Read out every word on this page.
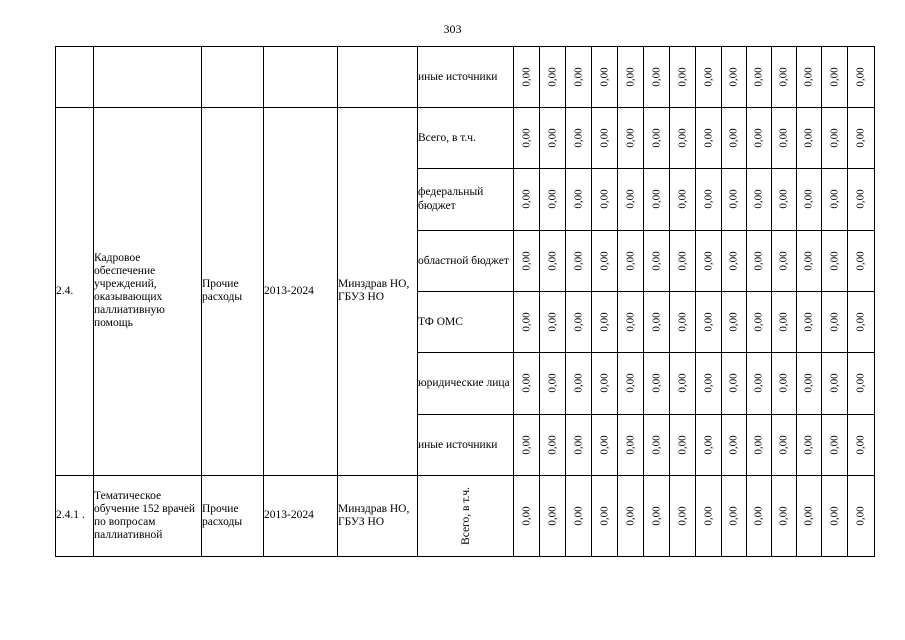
303
					иные источники	0,00	0,00	0,00	0,00	0,00	0,00	0,00	0,00	0,00	0,00	0,00	0,00	0,00	0,00
2.4.	Кадровое обеспечение учреждений, оказывающих паллиативную помощь	Прочие расходы	2013-2024	Минздрав НО, ГБУЗ НО	Всего, в т.ч.	0,00	0,00	0,00	0,00	0,00	0,00	0,00	0,00	0,00	0,00	0,00	0,00	0,00	0,00
					федеральный бюджет	0,00	0,00	0,00	0,00	0,00	0,00	0,00	0,00	0,00	0,00	0,00	0,00	0,00	0,00
					областной бюджет	0,00	0,00	0,00	0,00	0,00	0,00	0,00	0,00	0,00	0,00	0,00	0,00	0,00	0,00
					ТФ ОМС	0,00	0,00	0,00	0,00	0,00	0,00	0,00	0,00	0,00	0,00	0,00	0,00	0,00	0,00
					юридические лица	0,00	0,00	0,00	0,00	0,00	0,00	0,00	0,00	0,00	0,00	0,00	0,00	0,00	0,00
					иные источники	0,00	0,00	0,00	0,00	0,00	0,00	0,00	0,00	0,00	0,00	0,00	0,00	0,00	0,00
2.4.1 .	Тематическое обучение 152 врачей по вопросам паллиативной	Прочие расходы	2013-2024	Минздрав НО, ГБУЗ НО	Всего, в т.ч.	0,00	0,00	0,00	0,00	0,00	0,00	0,00	0,00	0,00	0,00	0,00	0,00	0,00	0,00
